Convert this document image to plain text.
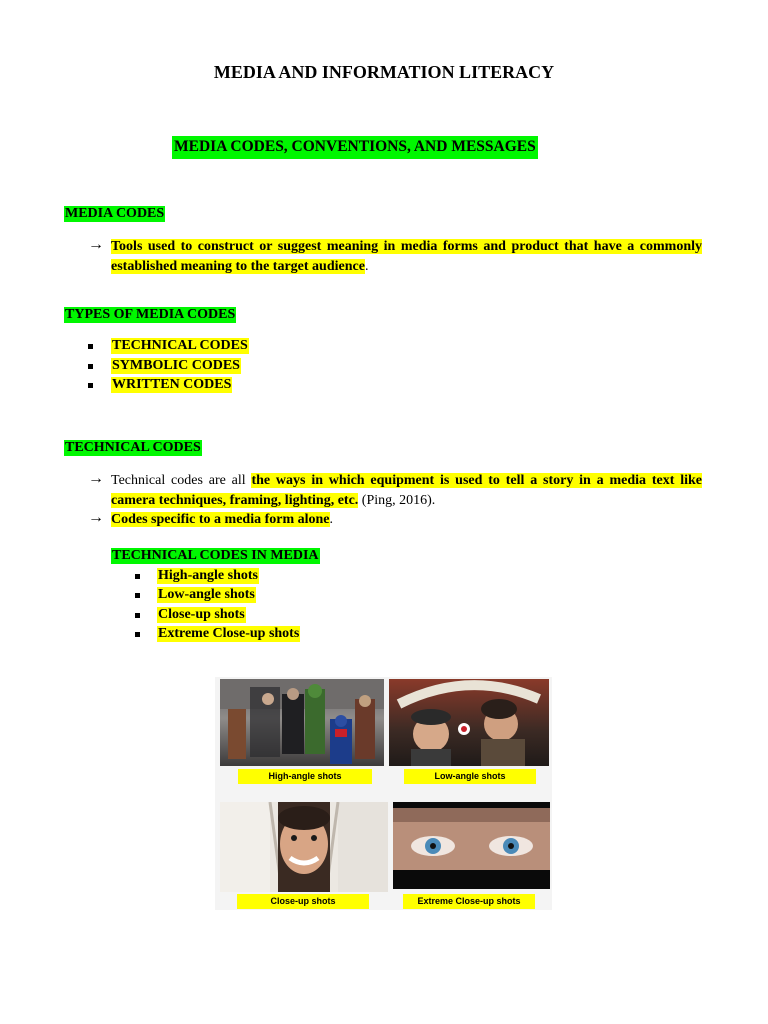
MEDIA AND INFORMATION LITERACY
MEDIA CODES, CONVENTIONS, AND MESSAGES
MEDIA CODES
→ Tools used to construct or suggest meaning in media forms and product that have a commonly established meaning to the target audience.
TYPES OF MEDIA CODES
TECHNICAL CODES
SYMBOLIC CODES
WRITTEN CODES
TECHNICAL CODES
→ Technical codes are all the ways in which equipment is used to tell a story in a media text like camera techniques, framing, lighting, etc. (Ping, 2016).
→ Codes specific to a media form alone.
TECHNICAL CODES IN MEDIA
High-angle shots
Low-angle shots
Close-up shots
Extreme Close-up shots
High-angle shots	Low-angle shots
Close-up shots	Extreme Close-up shots
